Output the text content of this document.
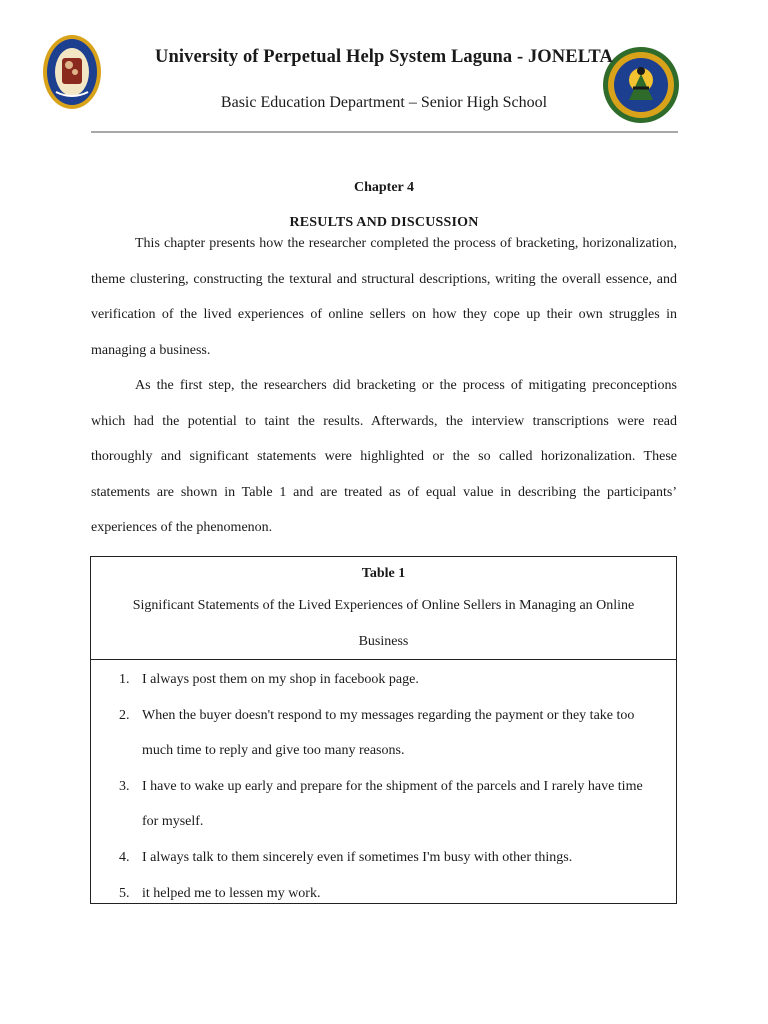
University of Perpetual Help System Laguna - JONELTA
Basic Education Department – Senior High School
Chapter 4
RESULTS AND DISCUSSION

This chapter presents how the researcher completed the process of bracketing, horizonalization, theme clustering, constructing the textural and structural descriptions, writing the overall essence, and verification of the lived experiences of online sellers on how they cope up their own struggles in managing a business.

As the first step, the researchers did bracketing or the process of mitigating preconceptions which had the potential to taint the results. Afterwards, the interview transcriptions were read thoroughly and significant statements were highlighted or the so called horizonalization. These statements are shown in Table 1 and are treated as of equal value in describing the participants’ experiences of the phenomenon.

Table 1
Significant Statements of the Lived Experiences of Online Sellers in Managing an Online Business
1. I always post them on my shop in facebook page.
2. When the buyer doesn't respond to my messages regarding the payment or they take too much time to reply and give too many reasons.
3. I have to wake up early and prepare for the shipment of the parcels and I rarely have time for myself.
4. I always talk to them sincerely even if sometimes I'm busy with other things.
5. it helped me to lessen my work.
